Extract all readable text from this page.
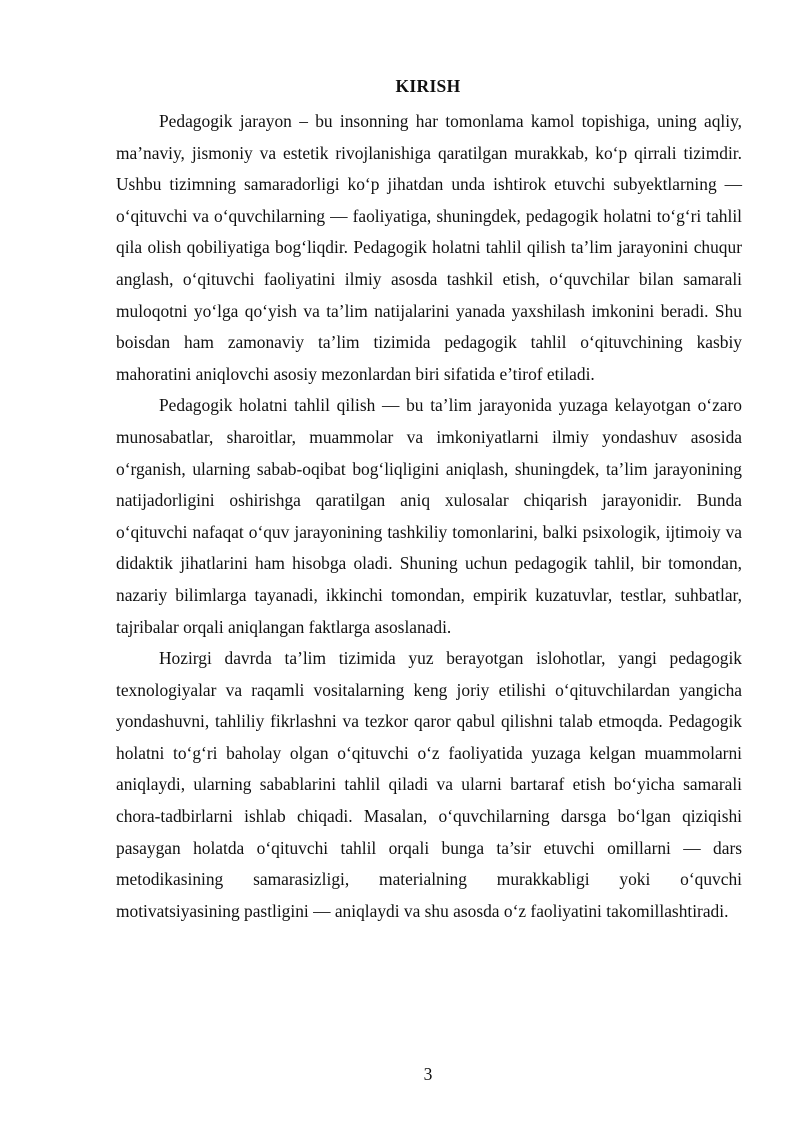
KIRISH

Pedagogik jarayon – bu insonning har tomonlama kamol topishiga, uning aqliy, ma’naviy, jismoniy va estetik rivojlanishiga qaratilgan murakkab, ko‘p qirrali tizimdir. Ushbu tizimning samaradorligi ko‘p jihatdan unda ishtirok etuvchi subyektlarning — o‘qituvchi va o‘quvchilarning — faoliyatiga, shuningdek, pedagogik holatni to‘g‘ri tahlil qila olish qobiliyatiga bog‘liqdir. Pedagogik holatni tahlil qilish ta’lim jarayonini chuqur anglash, o‘qituvchi faoliyatini ilmiy asosda tashkil etish, o‘quvchilar bilan samarali muloqotni yo‘lga qo‘yish va ta’lim natijalarini yanada yaxshilash imkonini beradi. Shu boisdan ham zamonaviy ta’lim tizimida pedagogik tahlil o‘qituvchining kasbiy mahoratini aniqlovchi asosiy mezonlardan biri sifatida e’tirof etiladi.

Pedagogik holatni tahlil qilish — bu ta’lim jarayonida yuzaga kelayotgan o‘zaro munosabatlar, sharoitlar, muammolar va imkoniyatlarni ilmiy yondashuv asosida o‘rganish, ularning sabab-oqibat bog‘liqligini aniqlash, shuningdek, ta’lim jarayonining natijadorligini oshirishga qaratilgan aniq xulosalar chiqarish jarayonidir. Bunda o‘qituvchi nafaqat o‘quv jarayonining tashkiliy tomonlarini, balki psixologik, ijtimoiy va didaktik jihatlarini ham hisobga oladi. Shuning uchun pedagogik tahlil, bir tomondan, nazariy bilimlarga tayanadi, ikkinchi tomondan, empirik kuzatuvlar, testlar, suhbatlar, tajribalar orqali aniqlangan faktlarga asoslanadi.

Hozirgi davrda ta’lim tizimida yuz berayotgan islohotlar, yangi pedagogik texnologiyalar va raqamli vositalarning keng joriy etilishi o‘qituvchilardan yangicha yondashuvni, tahliliy fikrlashni va tezkor qaror qabul qilishni talab etmoqda. Pedagogik holatni to‘g‘ri baholay olgan o‘qituvchi o‘z faoliyatida yuzaga kelgan muammolarni aniqlaydi, ularning sabablarini tahlil qiladi va ularni bartaraf etish bo‘yicha samarali chora-tadbirlarni ishlab chiqadi. Masalan, o‘quvchilarning darsga bo‘lgan qiziqishi pasaygan holatda o‘qituvchi tahlil orqali bunga ta’sir etuvchi omillarni — dars metodikasining samarasizligi, materialning murakkabligi yoki o‘quvchi motivatsiyasining pastligini — aniqlaydi va shu asosda o‘z faoliyatini takomillashtiradi.

3
